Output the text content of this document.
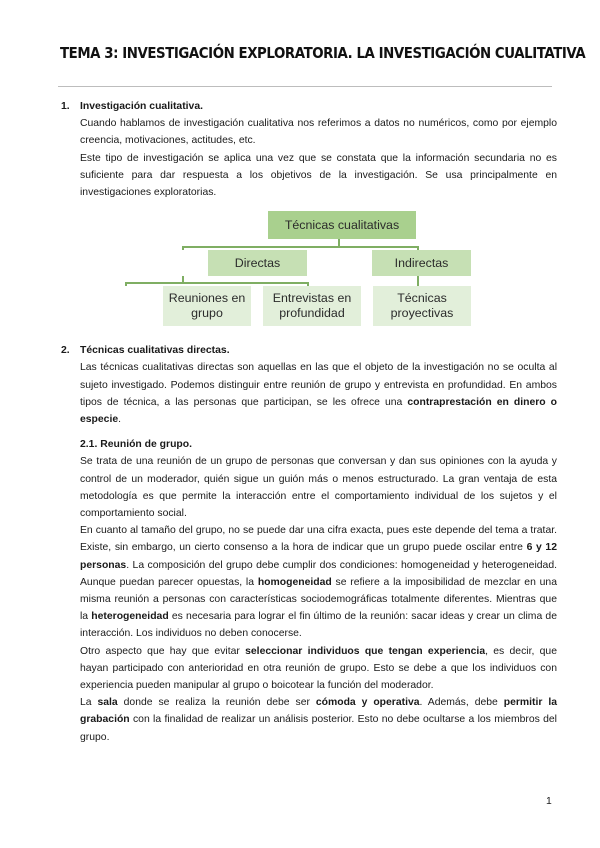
TEMA 3: INVESTIGACIÓN EXPLORATORIA. LA INVESTIGACIÓN CUALITATIVA
1. Investigación cualitativa.

Cuando hablamos de investigación cualitativa nos referimos a datos no numéricos, como por ejemplo creencia, motivaciones, actitudes, etc.

Este tipo de investigación se aplica una vez que se constata que la información secundaria no es suficiente para dar respuesta a los objetivos de la investigación. Se usa principalmente en investigaciones exploratorias.

Técnicas cualitativas
Directas	Indirectas
Reuniones en grupo
Entrevistas en profundidad
Técnicas proyectivas
2. Técnicas cualitativas directas.

Las técnicas cualitativas directas son aquellas en las que el objeto de la investigación no se oculta al sujeto investigado. Podemos distinguir entre reunión de grupo y entrevista en profundidad. En ambos tipos de técnica, a las personas que participan, se les ofrece una contraprestación en dinero o especie.

2.1. Reunión de grupo.

Se trata de una reunión de un grupo de personas que conversan y dan sus opiniones con la ayuda y control de un moderador, quién sigue un guión más o menos estructurado. La gran ventaja de esta metodología es que permite la interacción entre el comportamiento individual de los sujetos y el comportamiento social.

En cuanto al tamaño del grupo, no se puede dar una cifra exacta, pues este depende del tema a tratar. Existe, sin embargo, un cierto consenso a la hora de indicar que un grupo puede oscilar entre 6 y 12 personas. La composición del grupo debe cumplir dos condiciones: homogeneidad y heterogeneidad. Aunque puedan parecer opuestas, la homogeneidad se refiere a la imposibilidad de mezclar en una misma reunión a personas con características sociodemográficas totalmente diferentes. Mientras que la heterogeneidad es necesaria para lograr el fin último de la reunión: sacar ideas y crear un clima de interacción. Los individuos no deben conocerse.

Otro aspecto que hay que evitar seleccionar individuos que tengan experiencia, es decir, que hayan participado con anterioridad en otra reunión de grupo. Esto se debe a que los individuos con experiencia pueden manipular al grupo o boicotear la función del moderador.

La sala donde se realiza la reunión debe ser cómoda y operativa. Además, debe permitir la grabación con la finalidad de realizar un análisis posterior. Esto no debe ocultarse a los miembros del grupo.

1
